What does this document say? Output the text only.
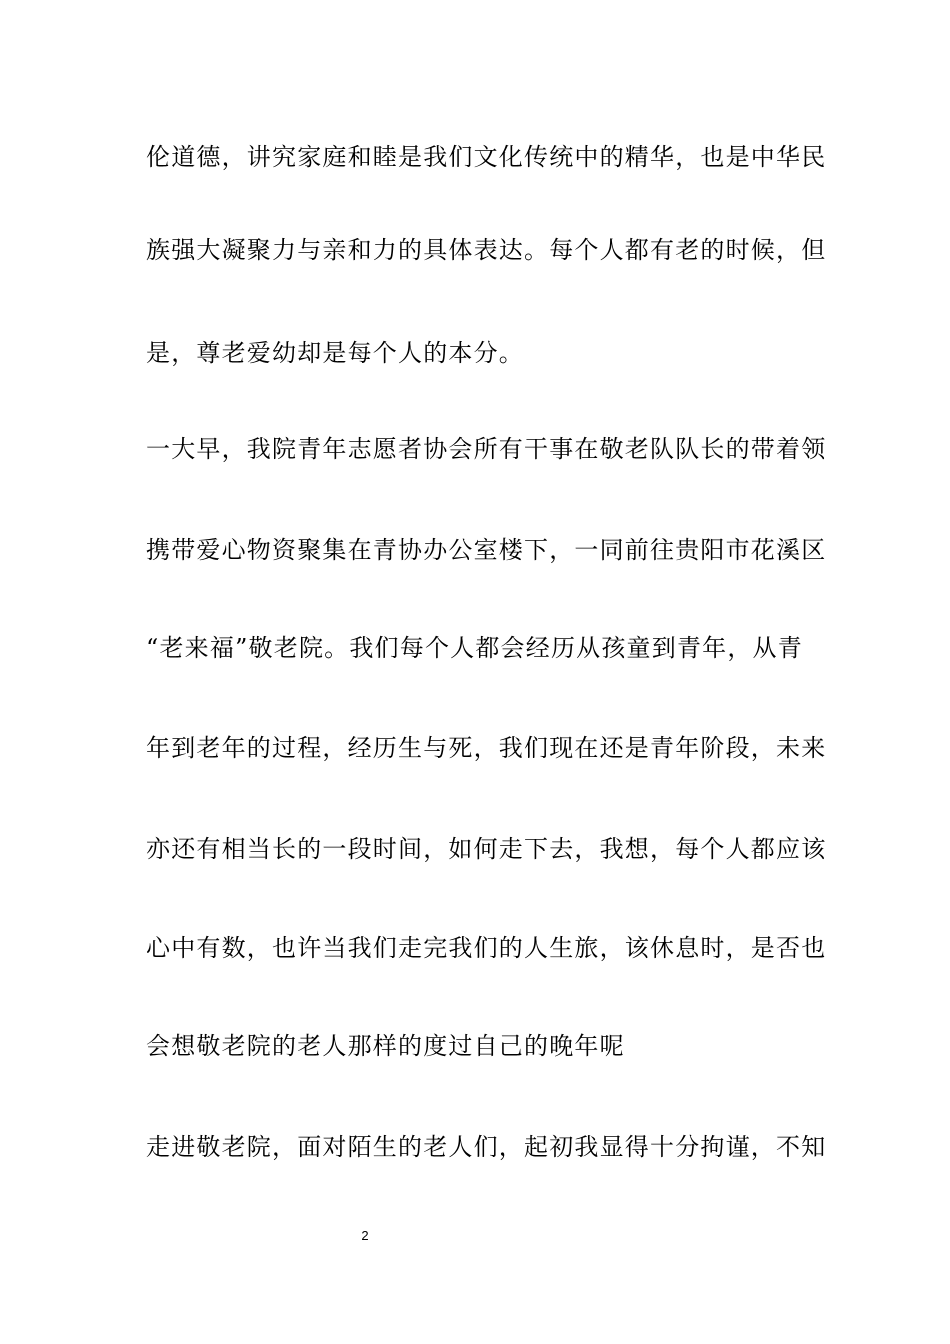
伦道德，讲究家庭和睦是我们文化传统中的精华，也是中华民
族强大凝聚力与亲和力的具体表达。每个人都有老的时候，但
是，尊老爱幼却是每个人的本分。
一大早，我院青年志愿者协会所有干事在敬老队队长的带着领
携带爱心物资聚集在青协办公室楼下，一同前往贵阳市花溪区
“老来福”敬老院。我们每个人都会经历从孩童到青年，从青
年到老年的过程，经历生与死，我们现在还是青年阶段，未来
亦还有相当长的一段时间，如何走下去，我想，每个人都应该
心中有数，也许当我们走完我们的人生旅，该休息时，是否也
会想敬老院的老人那样的度过自己的晚年呢
走进敬老院，面对陌生的老人们，起初我显得十分拘谨，不知
2
